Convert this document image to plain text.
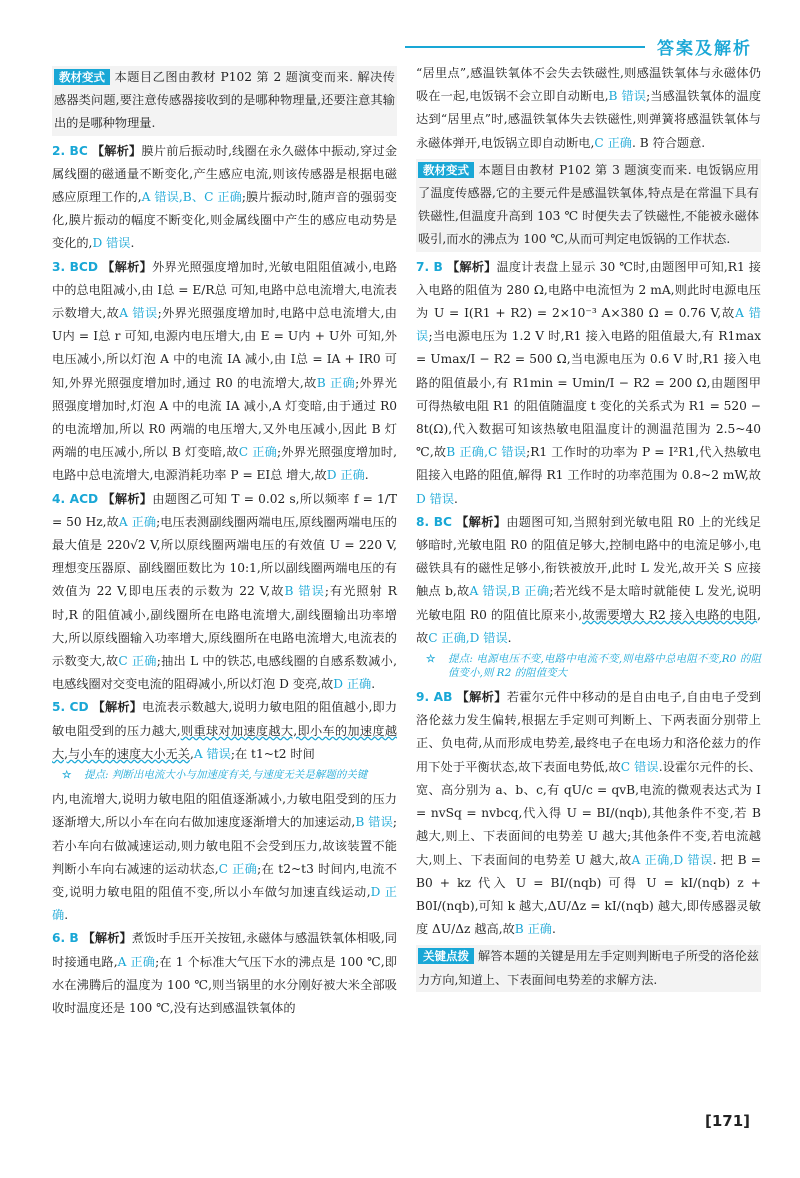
答案及解析

教材变式 本题目乙图由教材 P102 第 2 题演变而来. 解决传感器类问题,要注意传感器接收到的是哪种物理量,还要注意其输出的是哪种物理量.

2. BC 【解析】膜片前后振动时,线圈在永久磁体中振动,穿过金属线圈的磁通量不断变化,产生感应电流,则该传感器是根据电磁感应原理工作的,A 错误,B、C 正确;膜片振动时,随声音的强弱变化,膜片振动的幅度不断变化,则金属线圈中产生的感应电动势是变化的,D 错误.

3. BCD 【解析】外界光照强度增加时,光敏电阻阻值减小,电路中的总电阻减小,由 I总 = E/R总 可知,电路中总电流增大,电流表示数增大,故A 错误;外界光照强度增加时,电路中总电流增大,由 U内 = I总 r 可知,电源内电压增大,由 E = U内 + U外 可知,外电压减小,所以灯泡 A 中的电流 IA 减小,由 I总 = IA + IR0 可知,外界光照强度增加时,通过 R0 的电流增大,故B 正确;外界光照强度增加时,灯泡 A 中的电流 IA 减小,A 灯变暗,由于通过 R0 的电流增加,所以 R0 两端的电压增大,又外电压减小,因此 B 灯两端的电压减小,所以 B 灯变暗,故C 正确;外界光照强度增加时,电路中总电流增大,电源消耗功率 P = EI总 增大,故D 正确.

4. ACD 【解析】由题图乙可知 T = 0.02 s,所以频率 f = 1/T = 50 Hz,故A 正确;电压表测副线圈两端电压,原线圈两端电压的最大值是 220√2 V,所以原线圈两端电压的有效值 U = 220 V,理想变压器原、副线圈匝数比为 10:1,所以副线圈两端电压的有效值为 22 V,即电压表的示数为 22 V,故B 错误;有光照射 R 时,R 的阻值减小,副线圈所在电路电流增大,副线圈输出功率增大,所以原线圈输入功率增大,原线圈所在电路电流增大,电流表的示数变大,故C 正确;抽出 L 中的铁芯,电感线圈的自感系数减小,电感线圈对交变电流的阻碍减小,所以灯泡 D 变亮,故D 正确.

5. CD 【解析】电流表示数越大,说明力敏电阻的阻值越小,即力敏电阻受到的压力越大,则重球对加速度越大,即小车的加速度越大,与小车的速度大小无关,A 错误;在 t1~t2 时间

☆ 提点: 判断出电流大小与加速度有关,与速度无关是解题的关键

内,电流增大,说明力敏电阻的阻值逐渐减小,力敏电阻受到的压力逐渐增大,所以小车在向右做加速度逐渐增大的加速运动,B 错误;若小车向右做减速运动,则力敏电阻不会受到压力,故该装置不能判断小车向右减速的运动状态,C 正确;在 t2~t3 时间内,电流不变,说明力敏电阻的阻值不变,所以小车做匀加速直线运动,D 正确.

6. B 【解析】煮饭时手压开关按钮,永磁体与感温铁氧体相吸,同时接通电路,A 正确;在 1 个标准大气压下水的沸点是 100 ℃,即水在沸腾后的温度为 100 ℃,则当锅里的水分刚好被大米全部吸收时温度还是 100 ℃,没有达到感温铁氧体的

“居里点”,感温铁氧体不会失去铁磁性,则感温铁氧体与永磁体仍吸在一起,电饭锅不会立即自动断电,B 错误;当感温铁氧体的温度达到“居里点”时,感温铁氧体失去铁磁性,则弹簧将感温铁氧体与永磁体弹开,电饭锅立即自动断电,C 正确. B 符合题意.

教材变式 本题目由教材 P102 第 3 题演变而来. 电饭锅应用了温度传感器,它的主要元件是感温铁氧体,特点是在常温下具有铁磁性,但温度升高到 103 ℃ 时便失去了铁磁性,不能被永磁体吸引,而水的沸点为 100 ℃,从而可判定电饭锅的工作状态.

7. B 【解析】温度计表盘上显示 30 ℃时,由题图甲可知,R1 接入电路的阻值为 280 Ω,电路中电流恒为 2 mA,则此时电源电压为 U = I(R1 + R2) = 2×10⁻³ A×380 Ω = 0.76 V,故A 错误;当电源电压为 1.2 V 时,R1 接入电路的阻值最大,有 R1max = Umax/I − R2 = 500 Ω,当电源电压为 0.6 V 时,R1 接入电路的阻值最小,有 R1min = Umin/I − R2 = 200 Ω,由题图甲可得热敏电阻 R1 的阻值随温度 t 变化的关系式为 R1 = 520 − 8t(Ω),代入数据可知该热敏电阻温度计的测温范围为 2.5~40 ℃,故B 正确,C 错误;R1 工作时的功率为 P = I²R1,代入热敏电阻接入电路的阻值,解得 R1 工作时的功率范围为 0.8~2 mW,故D 错误.

8. BC 【解析】由题图可知,当照射到光敏电阻 R0 上的光线足够暗时,光敏电阻 R0 的阻值足够大,控制电路中的电流足够小,电磁铁具有的磁性足够小,衔铁被放开,此时 L 发光,故开关 S 应接触点 b,故A 错误,B 正确;若光线不是太暗时就能使 L 发光,说明光敏电阻 R0 的阻值比原来小,故需要增大 R2 接入电路的电阻,故C 正确,D 错误.

☆ 提点: 电源电压不变,电路中电流不变,则电路中总电阻不变,R0 的阻值变小,则 R2 的阻值变大

9. AB 【解析】若霍尔元件中移动的是自由电子,自由电子受到洛伦兹力发生偏转,根据左手定则可判断上、下两表面分别带上正、负电荷,从而形成电势差,最终电子在电场力和洛伦兹力的作用下处于平衡状态,故下表面电势低,故C 错误.设霍尔元件的长、宽、高分别为 a、b、c,有 qU/c = qvB,电流的微观表达式为 I = nvSq = nvbcq,代入得 U = BI/(nqb),其他条件不变,若 B 越大,则上、下表面间的电势差 U 越大;其他条件不变,若电流越大,则上、下表面间的电势差 U 越大,故A 正确,D 错误. 把 B = B0 + kz 代入 U = BI/(nqb) 可得 U = kI/(nqb) z + B0I/(nqb),可知 k 越大,ΔU/Δz = kI/(nqb) 越大,即传感器灵敏度 ΔU/Δz 越高,故B 正确.

关键点拨 解答本题的关键是用左手定则判断电子所受的洛伦兹力方向,知道上、下表面间电势差的求解方法.

[171]
